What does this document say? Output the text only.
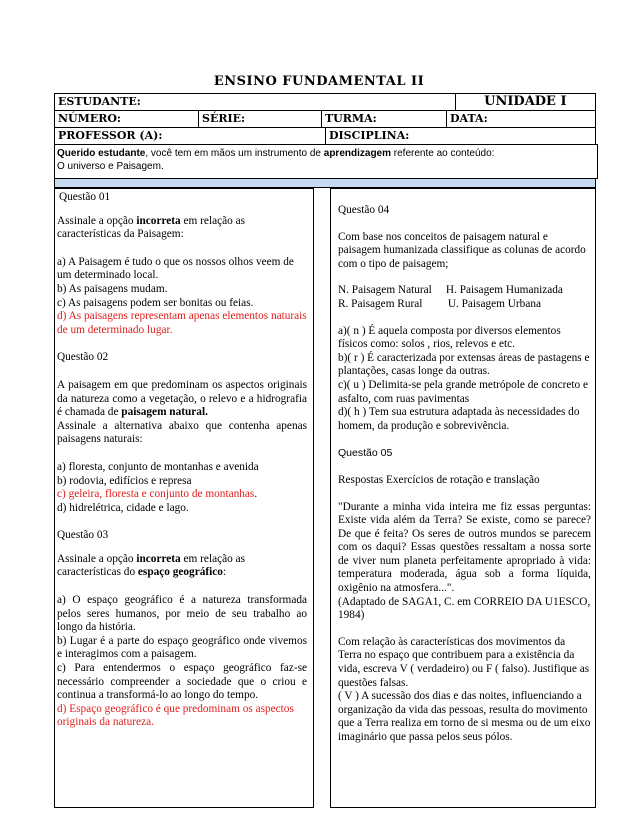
ENSINO FUNDAMENTAL II
ESTUDANTE:	UNIDADE I
NÚMERO:	SÉRIE:	TURMA:	DATA:
PROFESSOR (A):	DISCIPLINA:
Querido estudante, você tem em mãos um instrumento de aprendizagem referente ao conteúdo:
O universo e Paisagem.

Questão 01

Assinale a opção incorreta em relação as características da Paisagem:

a) A Paisagem é tudo o que os nossos olhos veem de um determinado local.

b) As paisagens mudam.

c) As paisagens podem ser bonitas ou feias.

d) As paisagens representam apenas elementos naturais de um determinado lugar.

Questão 02

A paisagem em que predominam os aspectos originais da natureza como a vegetação, o relevo e a hidrografia é chamada de paisagem natural.

Assinale a alternativa abaixo que contenha apenas paisagens naturais:

a) floresta, conjunto de montanhas e avenida

b) rodovia, edifícios e represa

c) geleira, floresta e conjunto de montanhas.

d) hidrelétrica, cidade e lago.

Questão 03

Assinale a opção incorreta em relação as características do espaço geográfico:

a) O espaço geográfico é a natureza transformada pelos seres humanos, por meio de seu trabalho ao longo da história.

b) Lugar é a parte do espaço geográfico onde vivemos e interagimos com a paisagem.

c) Para entendermos o espaço geográfico faz-se necessário compreender a sociedade que o criou e continua a transformá-lo ao longo do tempo.

d) Espaço geográfico é que predominam os aspectos originais da natureza.

Questão 04

Com base nos conceitos de paisagem natural e paisagem humanizada classifique as colunas de acordo com o tipo de paisagem;

N. Paisagem Natural     H. Paisagem Humanizada

R. Paisagem Rural         U. Paisagem Urbana

a)( n ) É aquela composta por diversos elementos físicos como: solos , rios, relevos e etc.

b)( r ) É caracterizada por extensas áreas de pastagens e plantações, casas longe da outras.

c)( u ) Delimita-se pela grande metrópole de concreto e asfalto, com ruas pavimentas

d)( h ) Tem sua estrutura adaptada às necessidades do homem, da produção e sobrevivência.

Questão 05

Respostas Exercícios de rotação e translação

"Durante a minha vida inteira me fiz essas perguntas: Existe vida além da Terra? Se existe, como se parece? De que é feita? Os seres de outros mundos se parecem com os daqui? Essas questões ressaltam a nossa sorte de viver num planeta perfeitamente apropriado à vida: temperatura moderada, água sob a forma líquida, oxigênio na atmosfera...".

(Adaptado de SAGA1, C. em CORREIO DA U1ESCO, 1984)

Com relação às características dos movimentos da Terra no espaço que contribuem para a existência da vida, escreva V ( verdadeiro) ou F ( falso). Justifique as questões falsas.

( V ) A sucessão dos dias e das noites, influenciando a organização da vida das pessoas, resulta do movimento que a Terra realiza em torno de si mesma ou de um eixo imaginário que passa pelos seus pólos.
